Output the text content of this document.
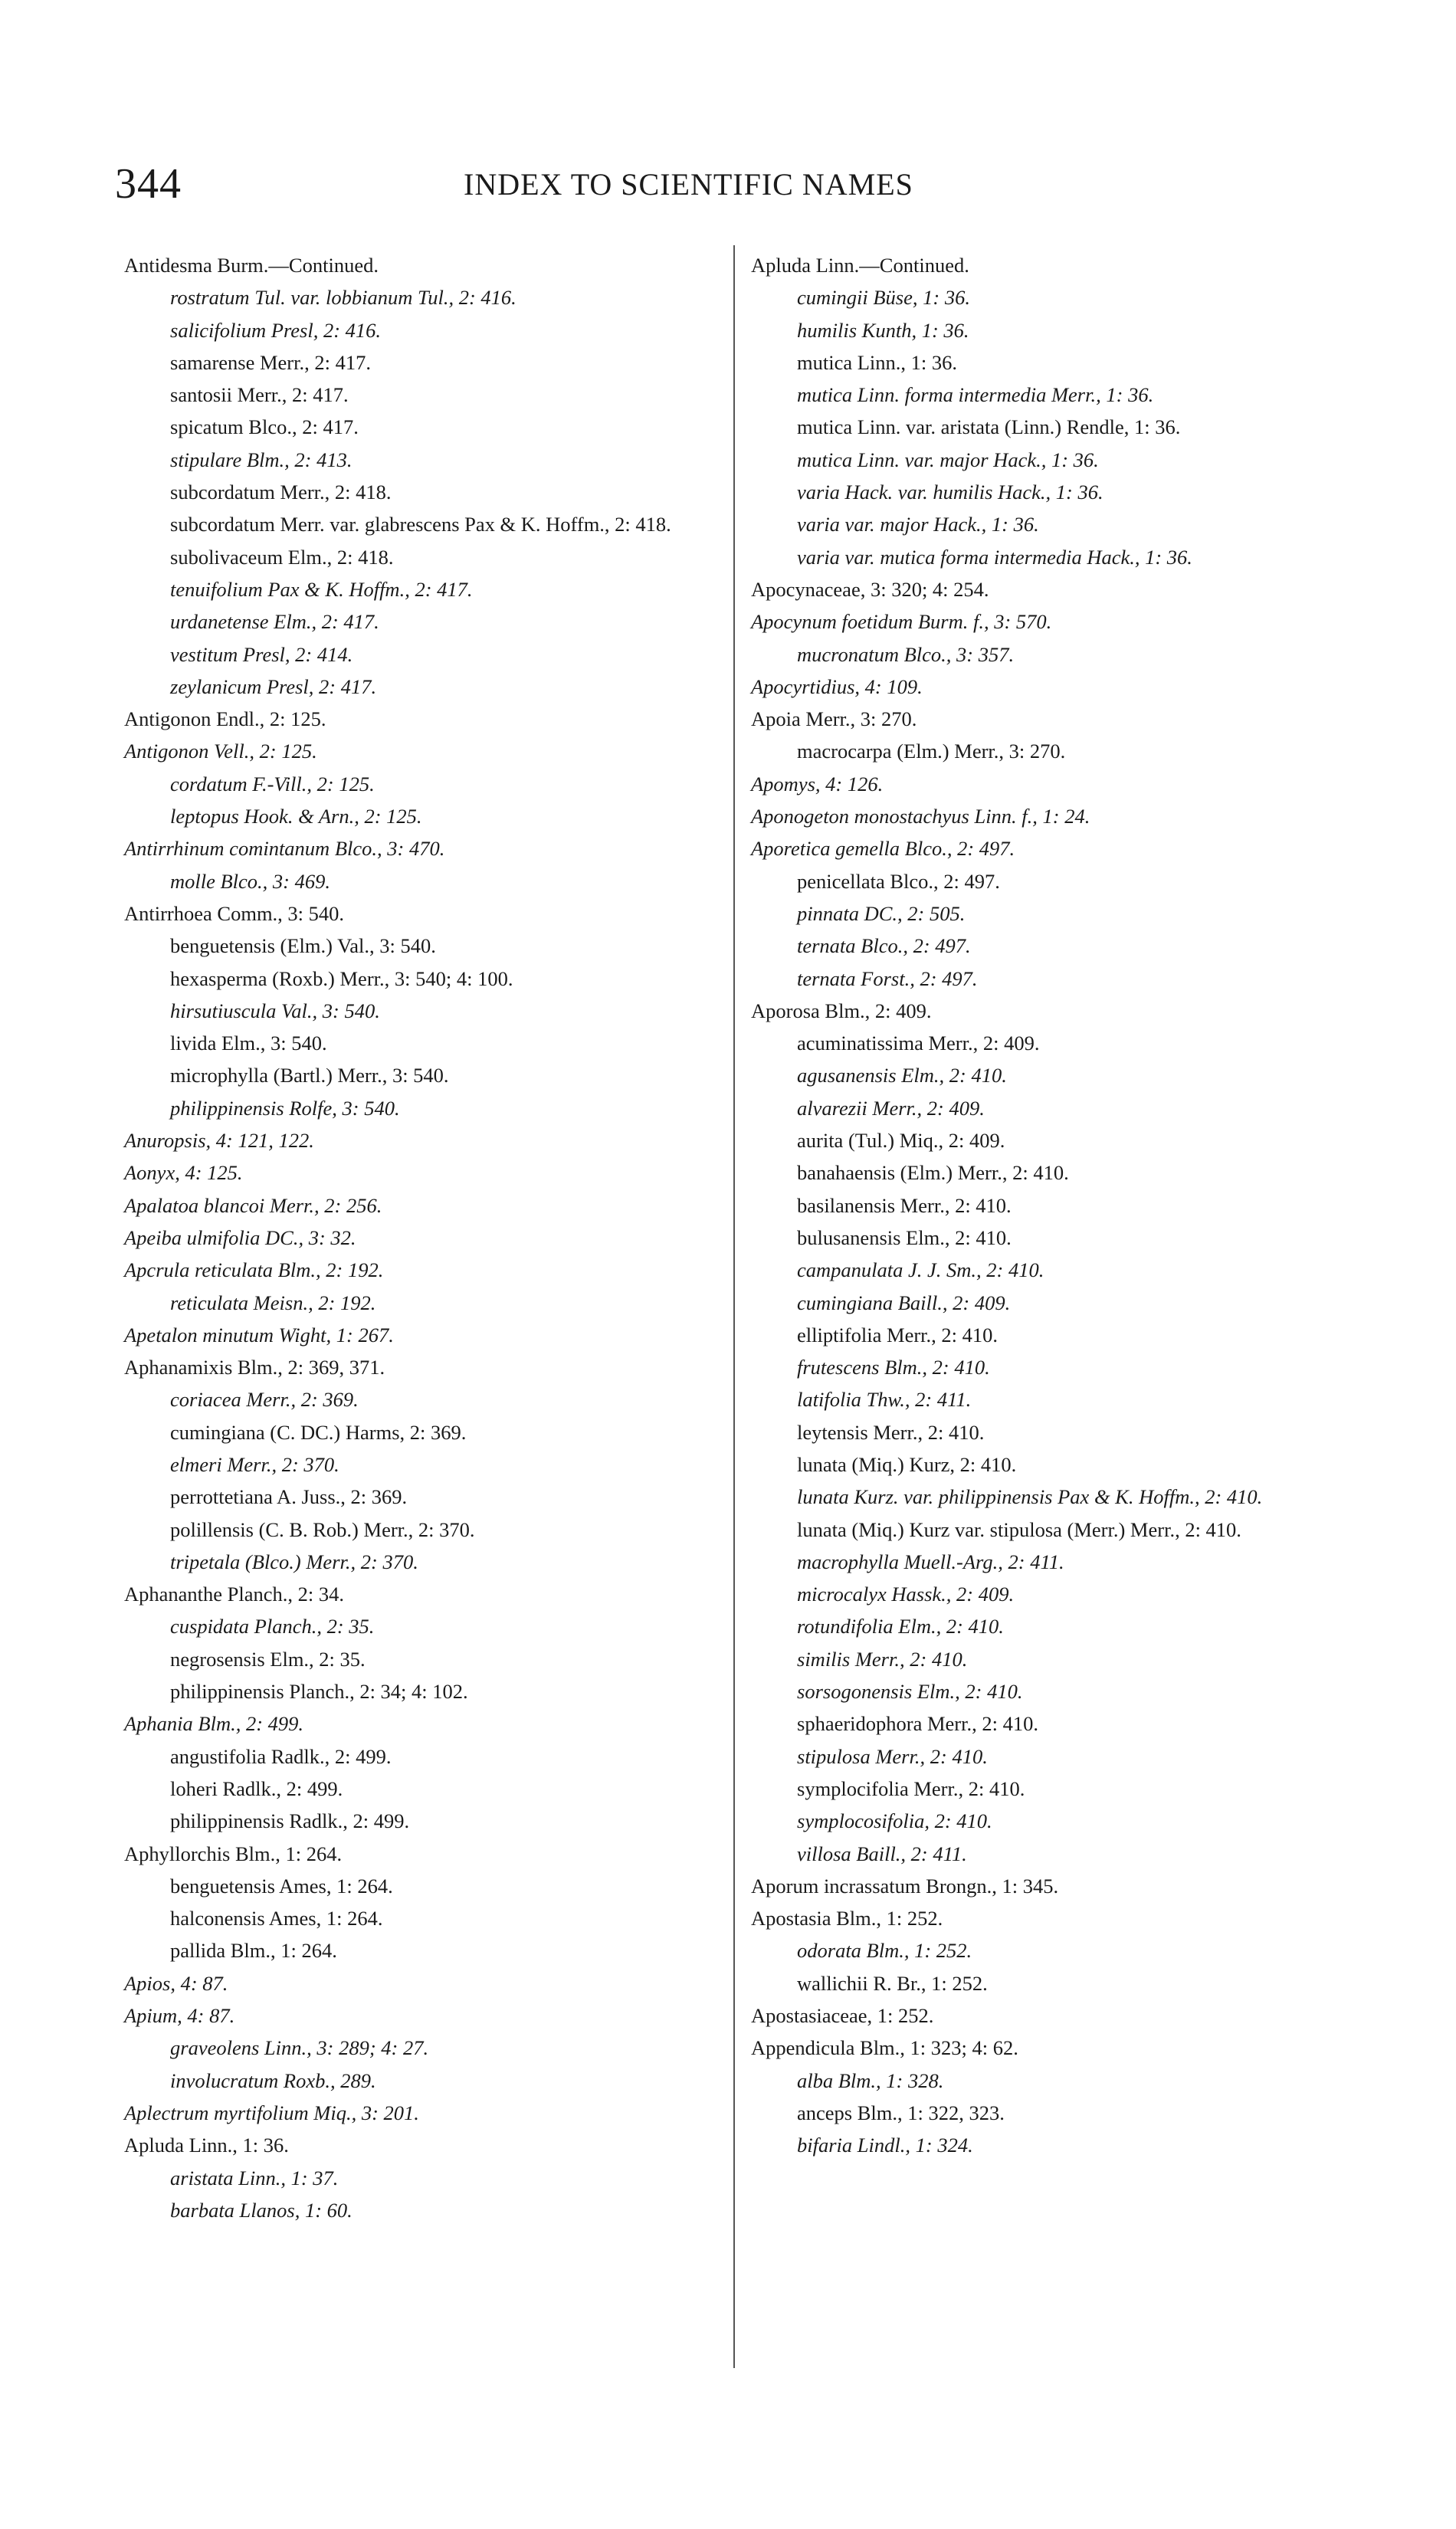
344	INDEX TO SCIENTIFIC NAMES
Antidesma Burm.—Continued.
rostratum Tul. var. lobbianum Tul., 2: 416.
salicifolium Presl, 2: 416.
samarense Merr., 2: 417.
santosii Merr., 2: 417.
spicatum Blco., 2: 417.
stipulare Blm., 2: 413.
subcordatum Merr., 2: 418.
subcordatum Merr. var. glabrescens Pax & K. Hoffm., 2: 418.
subolivaceum Elm., 2: 418.
tenuifolium Pax & K. Hoffm., 2: 417.
urdanetense Elm., 2: 417.
vestitum Presl, 2: 414.
zeylanicum Presl, 2: 417.
Antigonon Endl., 2: 125.
Antigonon Vell., 2: 125.
cordatum F.-Vill., 2: 125.
leptopus Hook. & Arn., 2: 125.
Antirrhinum comintanum Blco., 3: 470.
molle Blco., 3: 469.
Antirrhoea Comm., 3: 540.
benguetensis (Elm.) Val., 3: 540.
hexasperma (Roxb.) Merr., 3: 540; 4: 100.
hirsutiuscula Val., 3: 540.
livida Elm., 3: 540.
microphylla (Bartl.) Merr., 3: 540.
philippinensis Rolfe, 3: 540.
Anuropsis, 4: 121, 122.
Aonyx, 4: 125.
Apalatoa blancoi Merr., 2: 256.
Apeiba ulmifolia DC., 3: 32.
Apcrula reticulata Blm., 2: 192.
reticulata Meisn., 2: 192.
Apetalon minutum Wight, 1: 267.
Aphanamixis Blm., 2: 369, 371.
coriacea Merr., 2: 369.
cumingiana (C. DC.) Harms, 2: 369.
elmeri Merr., 2: 370.
perrottetiana A. Juss., 2: 369.
polillensis (C. B. Rob.) Merr., 2: 370.
tripetala (Blco.) Merr., 2: 370.
Aphananthe Planch., 2: 34.
cuspidata Planch., 2: 35.
negrosensis Elm., 2: 35.
philippinensis Planch., 2: 34; 4: 102.
Aphania Blm., 2: 499.
angustifolia Radlk., 2: 499.
loheri Radlk., 2: 499.
philippinensis Radlk., 2: 499.
Aphyllorchis Blm., 1: 264.
benguetensis Ames, 1: 264.
halconensis Ames, 1: 264.
pallida Blm., 1: 264.
Apios, 4: 87.
Apium, 4: 87.
graveolens Linn., 3: 289; 4: 27.
involucratum Roxb., 289.
Aplectrum myrtifolium Miq., 3: 201.
Apluda Linn., 1: 36.
aristata Linn., 1: 37.
barbata Llanos, 1: 60.
Apluda Linn.—Continued.
cumingii Büse, 1: 36.
humilis Kunth, 1: 36.
mutica Linn., 1: 36.
mutica Linn. forma intermedia Merr., 1: 36.
mutica Linn. var. aristata (Linn.) Rendle, 1: 36.
mutica Linn. var. major Hack., 1: 36.
varia Hack. var. humilis Hack., 1: 36.
varia var. major Hack., 1: 36.
varia var. mutica forma intermedia Hack., 1: 36.
Apocynaceae, 3: 320; 4: 254.
Apocynum foetidum Burm. f., 3: 570.
mucronatum Blco., 3: 357.
Apocyrtidius, 4: 109.
Apoia Merr., 3: 270.
macrocarpa (Elm.) Merr., 3: 270.
Apomys, 4: 126.
Aponogeton monostachyus Linn. f., 1: 24.
Aporetica gemella Blco., 2: 497.
penicellata Blco., 2: 497.
pinnata DC., 2: 505.
ternata Blco., 2: 497.
ternata Forst., 2: 497.
Aporosa Blm., 2: 409.
acuminatissima Merr., 2: 409.
agusanensis Elm., 2: 410.
alvarezii Merr., 2: 409.
aurita (Tul.) Miq., 2: 409.
banahaensis (Elm.) Merr., 2: 410.
basilanensis Merr., 2: 410.
bulusanensis Elm., 2: 410.
campanulata J. J. Sm., 2: 410.
cumingiana Baill., 2: 409.
elliptifolia Merr., 2: 410.
frutescens Blm., 2: 410.
latifolia Thw., 2: 411.
leytensis Merr., 2: 410.
lunata (Miq.) Kurz, 2: 410.
lunata Kurz. var. philippinensis Pax & K. Hoffm., 2: 410.
lunata (Miq.) Kurz var. stipulosa (Merr.) Merr., 2: 410.
macrophylla Muell.-Arg., 2: 411.
microcalyx Hassk., 2: 409.
rotundifolia Elm., 2: 410.
similis Merr., 2: 410.
sorsogonensis Elm., 2: 410.
sphaeridophora Merr., 2: 410.
stipulosa Merr., 2: 410.
symplocifolia Merr., 2: 410.
symplocosifolia, 2: 410.
villosa Baill., 2: 411.
Aporum incrassatum Brongn., 1: 345.
Apostasia Blm., 1: 252.
odorata Blm., 1: 252.
wallichii R. Br., 1: 252.
Apostasiaceae, 1: 252.
Appendicula Blm., 1: 323; 4: 62.
alba Blm., 1: 328.
anceps Blm., 1: 322, 323.
bifaria Lindl., 1: 324.
